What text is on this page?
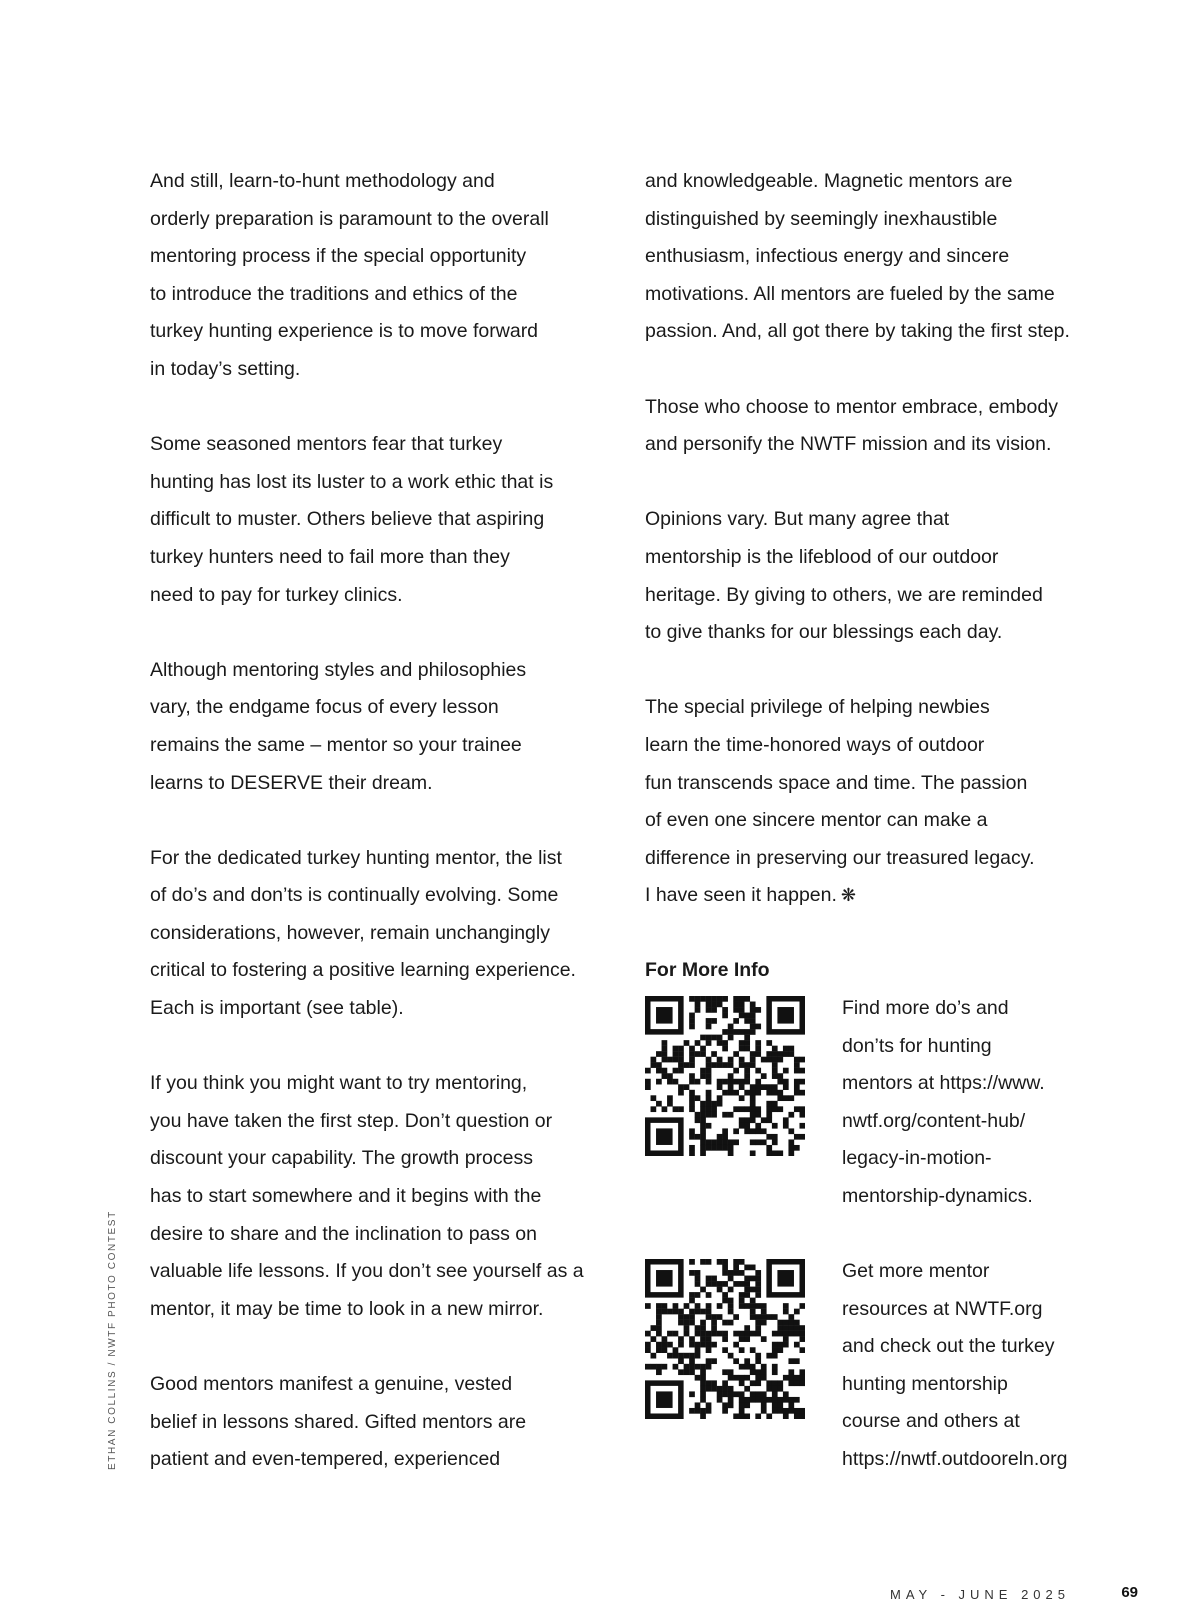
And still, learn-to-hunt methodology and
orderly preparation is paramount to the overall
mentoring process if the special opportunity
to introduce the traditions and ethics of the
turkey hunting experience is to move forward
in today’s setting.

Some seasoned mentors fear that turkey
hunting has lost its luster to a work ethic that is
difficult to muster. Others believe that aspiring
turkey hunters need to fail more than they
need to pay for turkey clinics.

Although mentoring styles and philosophies
vary, the endgame focus of every lesson
remains the same – mentor so your trainee
learns to DESERVE their dream.

For the dedicated turkey hunting mentor, the list
of do’s and don’ts is continually evolving. Some
considerations, however, remain unchangingly
critical to fostering a positive learning experience.
Each is important (see table).

If you think you might want to try mentoring,
you have taken the first step. Don’t question or
discount your capability. The growth process
has to start somewhere and it begins with the
desire to share and the inclination to pass on
valuable life lessons. If you don’t see yourself as a
mentor, it may be time to look in a new mirror.

Good mentors manifest a genuine, vested
belief in lessons shared. Gifted mentors are
patient and even-tempered, experienced

and knowledgeable. Magnetic mentors are
distinguished by seemingly inexhaustible
enthusiasm, infectious energy and sincere
motivations. All mentors are fueled by the same
passion. And, all got there by taking the first step.

Those who choose to mentor embrace, embody
and personify the NWTF mission and its vision.

Opinions vary. But many agree that
mentorship is the lifeblood of our outdoor
heritage. By giving to others, we are reminded
to give thanks for our blessings each day.

The special privilege of helping newbies
learn the time-honored ways of outdoor
fun transcends space and time. The passion
of even one sincere mentor can make a
difference in preserving our treasured legacy.
I have seen it happen. ❋

For More Info

Find more do’s and
don’ts for hunting
mentors at https://www.
nwtf.org/content-hub/
legacy-in-motion-
mentorship-dynamics.

Get more mentor
resources at NWTF.org
and check out the turkey
hunting mentorship
course and others at
https://nwtf.outdooreln.org

ETHAN COLLINS / NWTF PHOTO CONTEST
MAY - JUNE 2025	69
